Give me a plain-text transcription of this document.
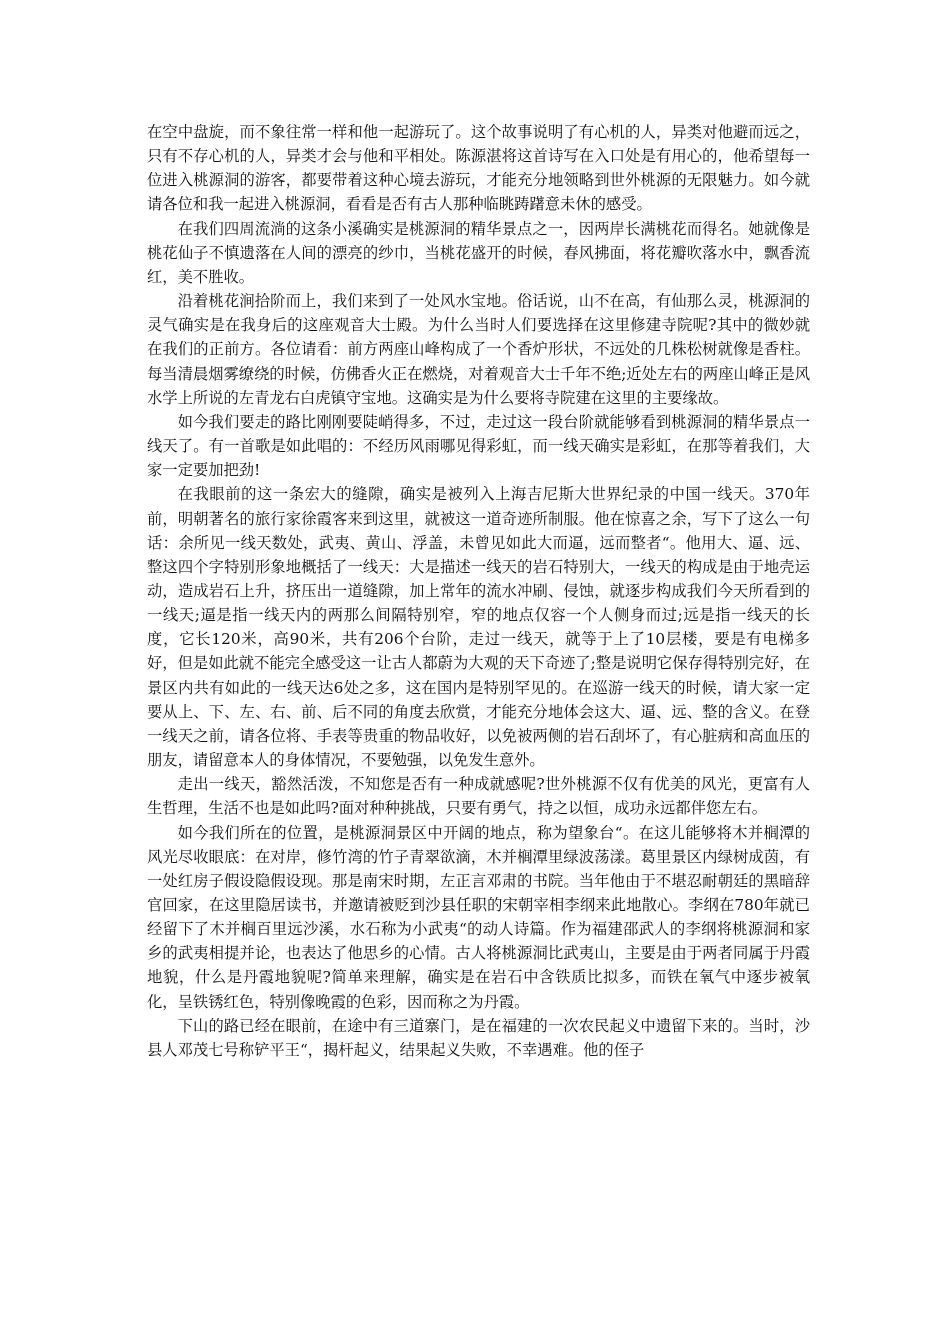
在空中盘旋，而不象往常一样和他一起游玩了。这个故事说明了有心机的人，异类对他避而远之，只有不存心机的人，异类才会与他和平相处。陈源湛将这首诗写在入口处是有用心的，他希望每一位进入桃源洞的游客，都要带着这种心境去游玩，才能充分地领略到世外桃源的无限魅力。如今就请各位和我一起进入桃源洞，看看是否有古人那种临眺踌躇意未休的感受。

在我们四周流淌的这条小溪确实是桃源洞的精华景点之一，因两岸长满桃花而得名。她就像是桃花仙子不慎遗落在人间的漂亮的纱巾，当桃花盛开的时候，春风拂面，将花瓣吹落水中，飘香流红，美不胜收。

沿着桃花涧拾阶而上，我们来到了一处风水宝地。俗话说，山不在高，有仙那么灵，桃源洞的灵气确实是在我身后的这座观音大士殿。为什么当时人们要选择在这里修建寺院呢?其中的微妙就在我们的正前方。各位请看：前方两座山峰构成了一个香炉形状，不远处的几株松树就像是香柱。每当清晨烟雾缭绕的时候，仿佛香火正在燃烧，对着观音大士千年不绝;近处左右的两座山峰正是风水学上所说的左青龙右白虎镇守宝地。这确实是为什么要将寺院建在这里的主要缘故。

如今我们要走的路比刚刚要陡峭得多，不过，走过这一段台阶就能够看到桃源洞的精华景点一线天了。有一首歌是如此唱的：不经历风雨哪见得彩虹，而一线天确实是彩虹，在那等着我们，大家一定要加把劲!

在我眼前的这一条宏大的缝隙，确实是被列入上海吉尼斯大世界纪录的中国一线天。370年前，明朝著名的旅行家徐霞客来到这里，就被这一道奇迹所制服。他在惊喜之余，写下了这么一句话：余所见一线天数处，武夷、黄山、浮盖，未曾见如此大而逼，远而整者“。他用大、逼、远、整这四个字特别形象地概括了一线天：大是描述一线天的岩石特别大，一线天的构成是由于地壳运动，造成岩石上升，挤压出一道缝隙，加上常年的流水冲刷、侵蚀，就逐步构成我们今天所看到的一线天;逼是指一线天内的两那么间隔特别窄，窄的地点仅容一个人侧身而过;远是指一线天的长度，它长120米，高90米，共有206个台阶，走过一线天，就等于上了10层楼，要是有电梯多好，但是如此就不能完全感受这一让古人都蔚为大观的天下奇迹了;整是说明它保存得特别完好，在景区内共有如此的一线天达6处之多，这在国内是特别罕见的。在巡游一线天的时候，请大家一定要从上、下、左、右、前、后不同的角度去欣赏，才能充分地体会这大、逼、远、整的含义。在登一线天之前，请各位将、手表等贵重的物品收好，以免被两侧的岩石刮坏了，有心脏病和高血压的朋友，请留意本人的身体情况，不要勉强，以免发生意外。

走出一线天，豁然活泼，不知您是否有一种成就感呢?世外桃源不仅有优美的风光，更富有人生哲理，生活不也是如此吗?面对种种挑战，只要有勇气，持之以恒，成功永远都伴您左右。

如今我们所在的位置，是桃源洞景区中开阔的地点，称为望象台“。在这儿能够将木并榈潭的风光尽收眼底：在对岸，修竹湾的竹子青翠欲滴，木并榈潭里绿波荡漾。葛里景区内绿树成茵，有一处红房子假设隐假设现。那是南宋时期，左正言邓肃的书院。当年他由于不堪忍耐朝廷的黑暗辞官回家，在这里隐居读书，并邀请被贬到沙县任职的宋朝宰相李纲来此地散心。李纲在780年就已经留下了木并榈百里远沙溪，水石称为小武夷“的动人诗篇。作为福建邵武人的李纲将桃源洞和家乡的武夷相提并论，也表达了他思乡的心情。古人将桃源洞比武夷山，主要是由于两者同属于丹霞地貌，什么是丹霞地貌呢?简单来理解，确实是在岩石中含铁质比拟多，而铁在氧气中逐步被氧化，呈铁锈红色，特别像晚霞的色彩，因而称之为丹霞。

下山的路已经在眼前，在途中有三道寨门，是在福建的一次农民起义中遗留下来的。当时，沙县人邓茂七号称铲平王“，揭杆起义，结果起义失败，不幸遇难。他的侄子
